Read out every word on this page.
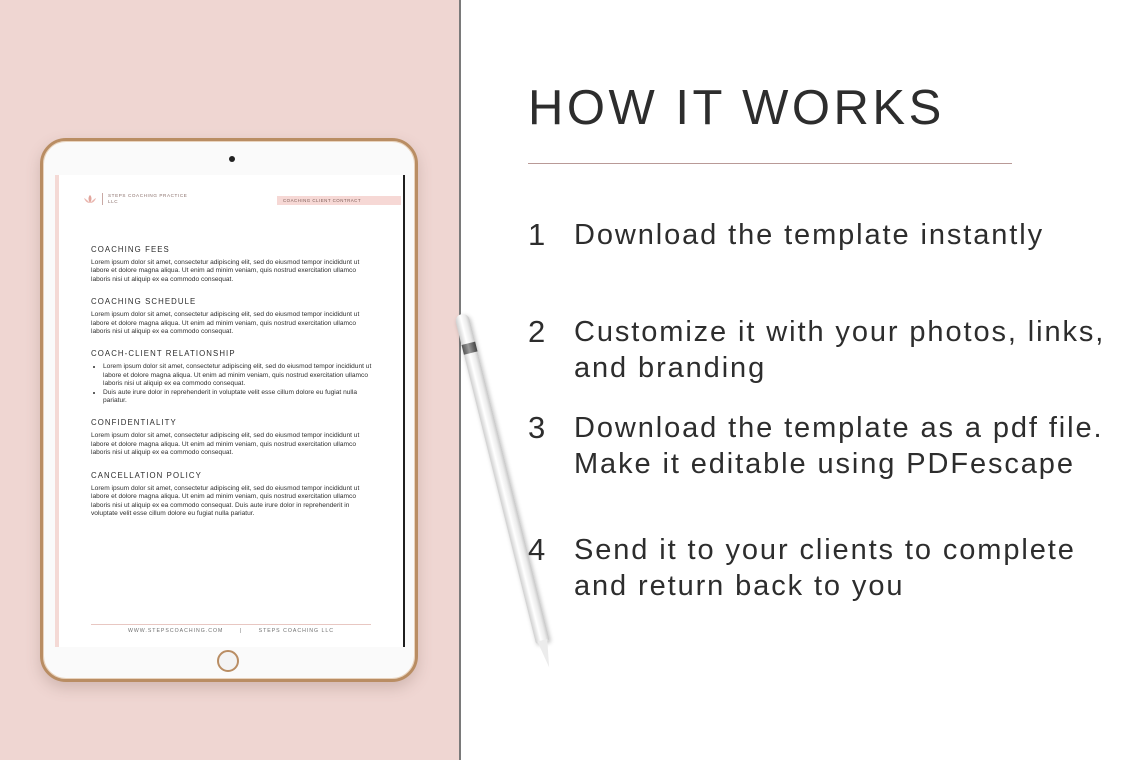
STEPS COACHING PRACTICE LLC	COACHING CLIENT CONTRACT
COACHING FEES

Lorem ipsum dolor sit amet, consectetur adipiscing elit, sed do eiusmod tempor incididunt ut labore et dolore magna aliqua. Ut enim ad minim veniam, quis nostrud exercitation ullamco laboris nisi ut aliquip ex ea commodo consequat.

COACHING SCHEDULE

Lorem ipsum dolor sit amet, consectetur adipiscing elit, sed do eiusmod tempor incididunt ut labore et dolore magna aliqua. Ut enim ad minim veniam, quis nostrud exercitation ullamco laboris nisi ut aliquip ex ea commodo consequat.

COACH-CLIENT RELATIONSHIP
• Lorem ipsum dolor sit amet, consectetur adipiscing elit, sed do eiusmod tempor incididunt ut labore et dolore magna aliqua. Ut enim ad minim veniam, quis nostrud exercitation ullamco laboris nisi ut aliquip ex ea commodo consequat.
• Duis aute irure dolor in reprehenderit in voluptate velit esse cillum dolore eu fugiat nulla pariatur.
CONFIDENTIALITY

Lorem ipsum dolor sit amet, consectetur adipiscing elit, sed do eiusmod tempor incididunt ut labore et dolore magna aliqua. Ut enim ad minim veniam, quis nostrud exercitation ullamco laboris nisi ut aliquip ex ea commodo consequat.

CANCELLATION POLICY

Lorem ipsum dolor sit amet, consectetur adipiscing elit, sed do eiusmod tempor incididunt ut labore et dolore magna aliqua. Ut enim ad minim veniam, quis nostrud exercitation ullamco laboris nisi ut aliquip ex ea commodo consequat. Duis aute irure dolor in reprehenderit in voluptate velit esse cillum dolore eu fugiat nulla pariatur.

WWW.STEPSCOACHING.COM	|	STEPS COACHING LLC
HOW IT WORKS
1 Download the template instantly
2 Customize it with your photos, links, and branding
3 Download the template as a pdf file. Make it editable using PDFescape
4 Send it to your clients to complete and return back to you
